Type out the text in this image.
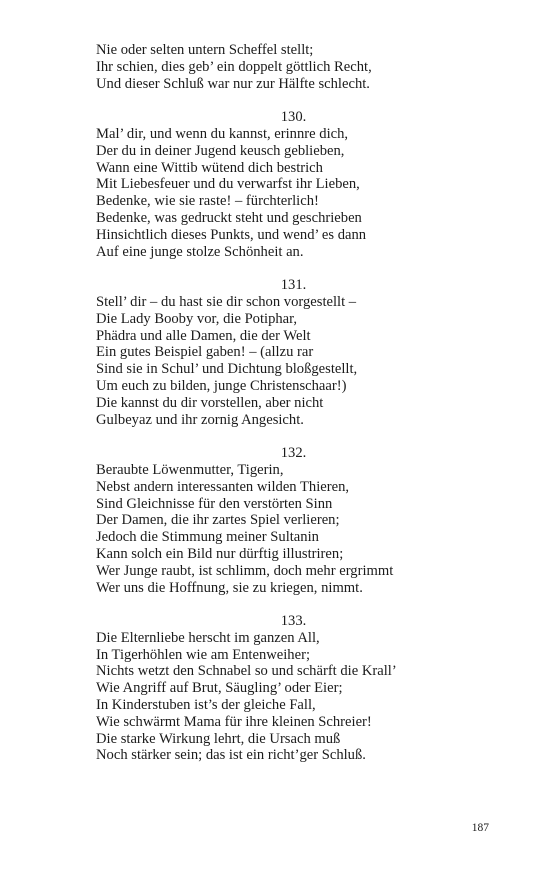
Nie oder selten untern Scheffel stellt;
Ihr schien, dies geb’ ein doppelt göttlich Recht,
Und dieser Schluß war nur zur Hälfte schlecht.
130.
Mal’ dir, und wenn du kannst, erinnre dich,
Der du in deiner Jugend keusch geblieben,
Wann eine Wittib wütend dich bestrich
Mit Liebesfeuer und du verwarfst ihr Lieben,
Bedenke, wie sie raste! – fürchterlich!
Bedenke, was gedruckt steht und geschrieben
Hinsichtlich dieses Punkts, und wend’ es dann
Auf eine junge stolze Schönheit an.
131.
Stell’ dir – du hast sie dir schon vorgestellt –
Die Lady Booby vor, die Potiphar,
Phädra und alle Damen, die der Welt
Ein gutes Beispiel gaben! – (allzu rar
Sind sie in Schul’ und Dichtung bloßgestellt,
Um euch zu bilden, junge Christenschaar!)
Die kannst du dir vorstellen, aber nicht
Gulbeyaz und ihr zornig Angesicht.
132.
Beraubte Löwenmutter, Tigerin,
Nebst andern interessanten wilden Thieren,
Sind Gleichnisse für den verstörten Sinn
Der Damen, die ihr zartes Spiel verlieren;
Jedoch die Stimmung meiner Sultanin
Kann solch ein Bild nur dürftig illustriren;
Wer Junge raubt, ist schlimm, doch mehr ergrimmt
Wer uns die Hoffnung, sie zu kriegen, nimmt.
133.
Die Elternliebe herscht im ganzen All,
In Tigerhöhlen wie am Entenweiher;
Nichts wetzt den Schnabel so und schärft die Krall’
Wie Angriff auf Brut, Säugling’ oder Eier;
In Kinderstuben ist’s der gleiche Fall,
Wie schwärmt Mama für ihre kleinen Schreier!
Die starke Wirkung lehrt, die Ursach muß
Noch stärker sein; das ist ein richt’ger Schluß.
187
